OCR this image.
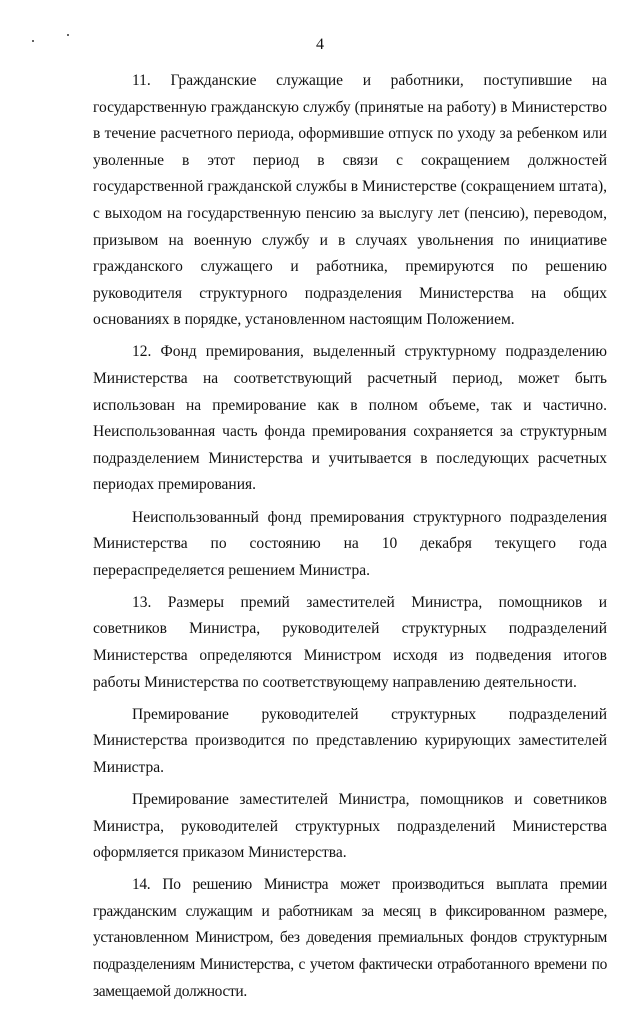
4

11. Гражданские служащие и работники, поступившие на государственную гражданскую службу (принятые на работу) в Министерство в течение расчетного периода, оформившие отпуск по уходу за ребенком или уволенные в этот период в связи с сокращением должностей государственной гражданской службы в Министерстве (сокращением штата), с выходом на государственную пенсию за выслугу лет (пенсию), переводом, призывом на военную службу и в случаях увольнения по инициативе гражданского служащего и работника, премируются по решению руководителя структурного подразделения Министерства на общих основаниях в порядке, установленном настоящим Положением.

12. Фонд премирования, выделенный структурному подразделению Министерства на соответствующий расчетный период, может быть использован на премирование как в полном объеме, так и частично. Неиспользованная часть фонда премирования сохраняется за структурным подразделением Министерства и учитывается в последующих расчетных периодах премирования.

Неиспользованный фонд премирования структурного подразделения Министерства по состоянию на 10 декабря текущего года перераспределяется решением Министра.

13. Размеры премий заместителей Министра, помощников и советников Министра, руководителей структурных подразделений Министерства определяются Министром исходя из подведения итогов работы Министерства по соответствующему направлению деятельности.

Премирование руководителей структурных подразделений Министерства производится по представлению курирующих заместителей Министра.

Премирование заместителей Министра, помощников и советников Министра, руководителей структурных подразделений Министерства оформляется приказом Министерства.

14. По решению Министра может производиться выплата премии гражданским служащим и работникам за месяц в фиксированном размере, установленном Министром, без доведения премиальных фондов структурным подразделениям Министерства, с учетом фактически отработанного времени по замещаемой должности.
